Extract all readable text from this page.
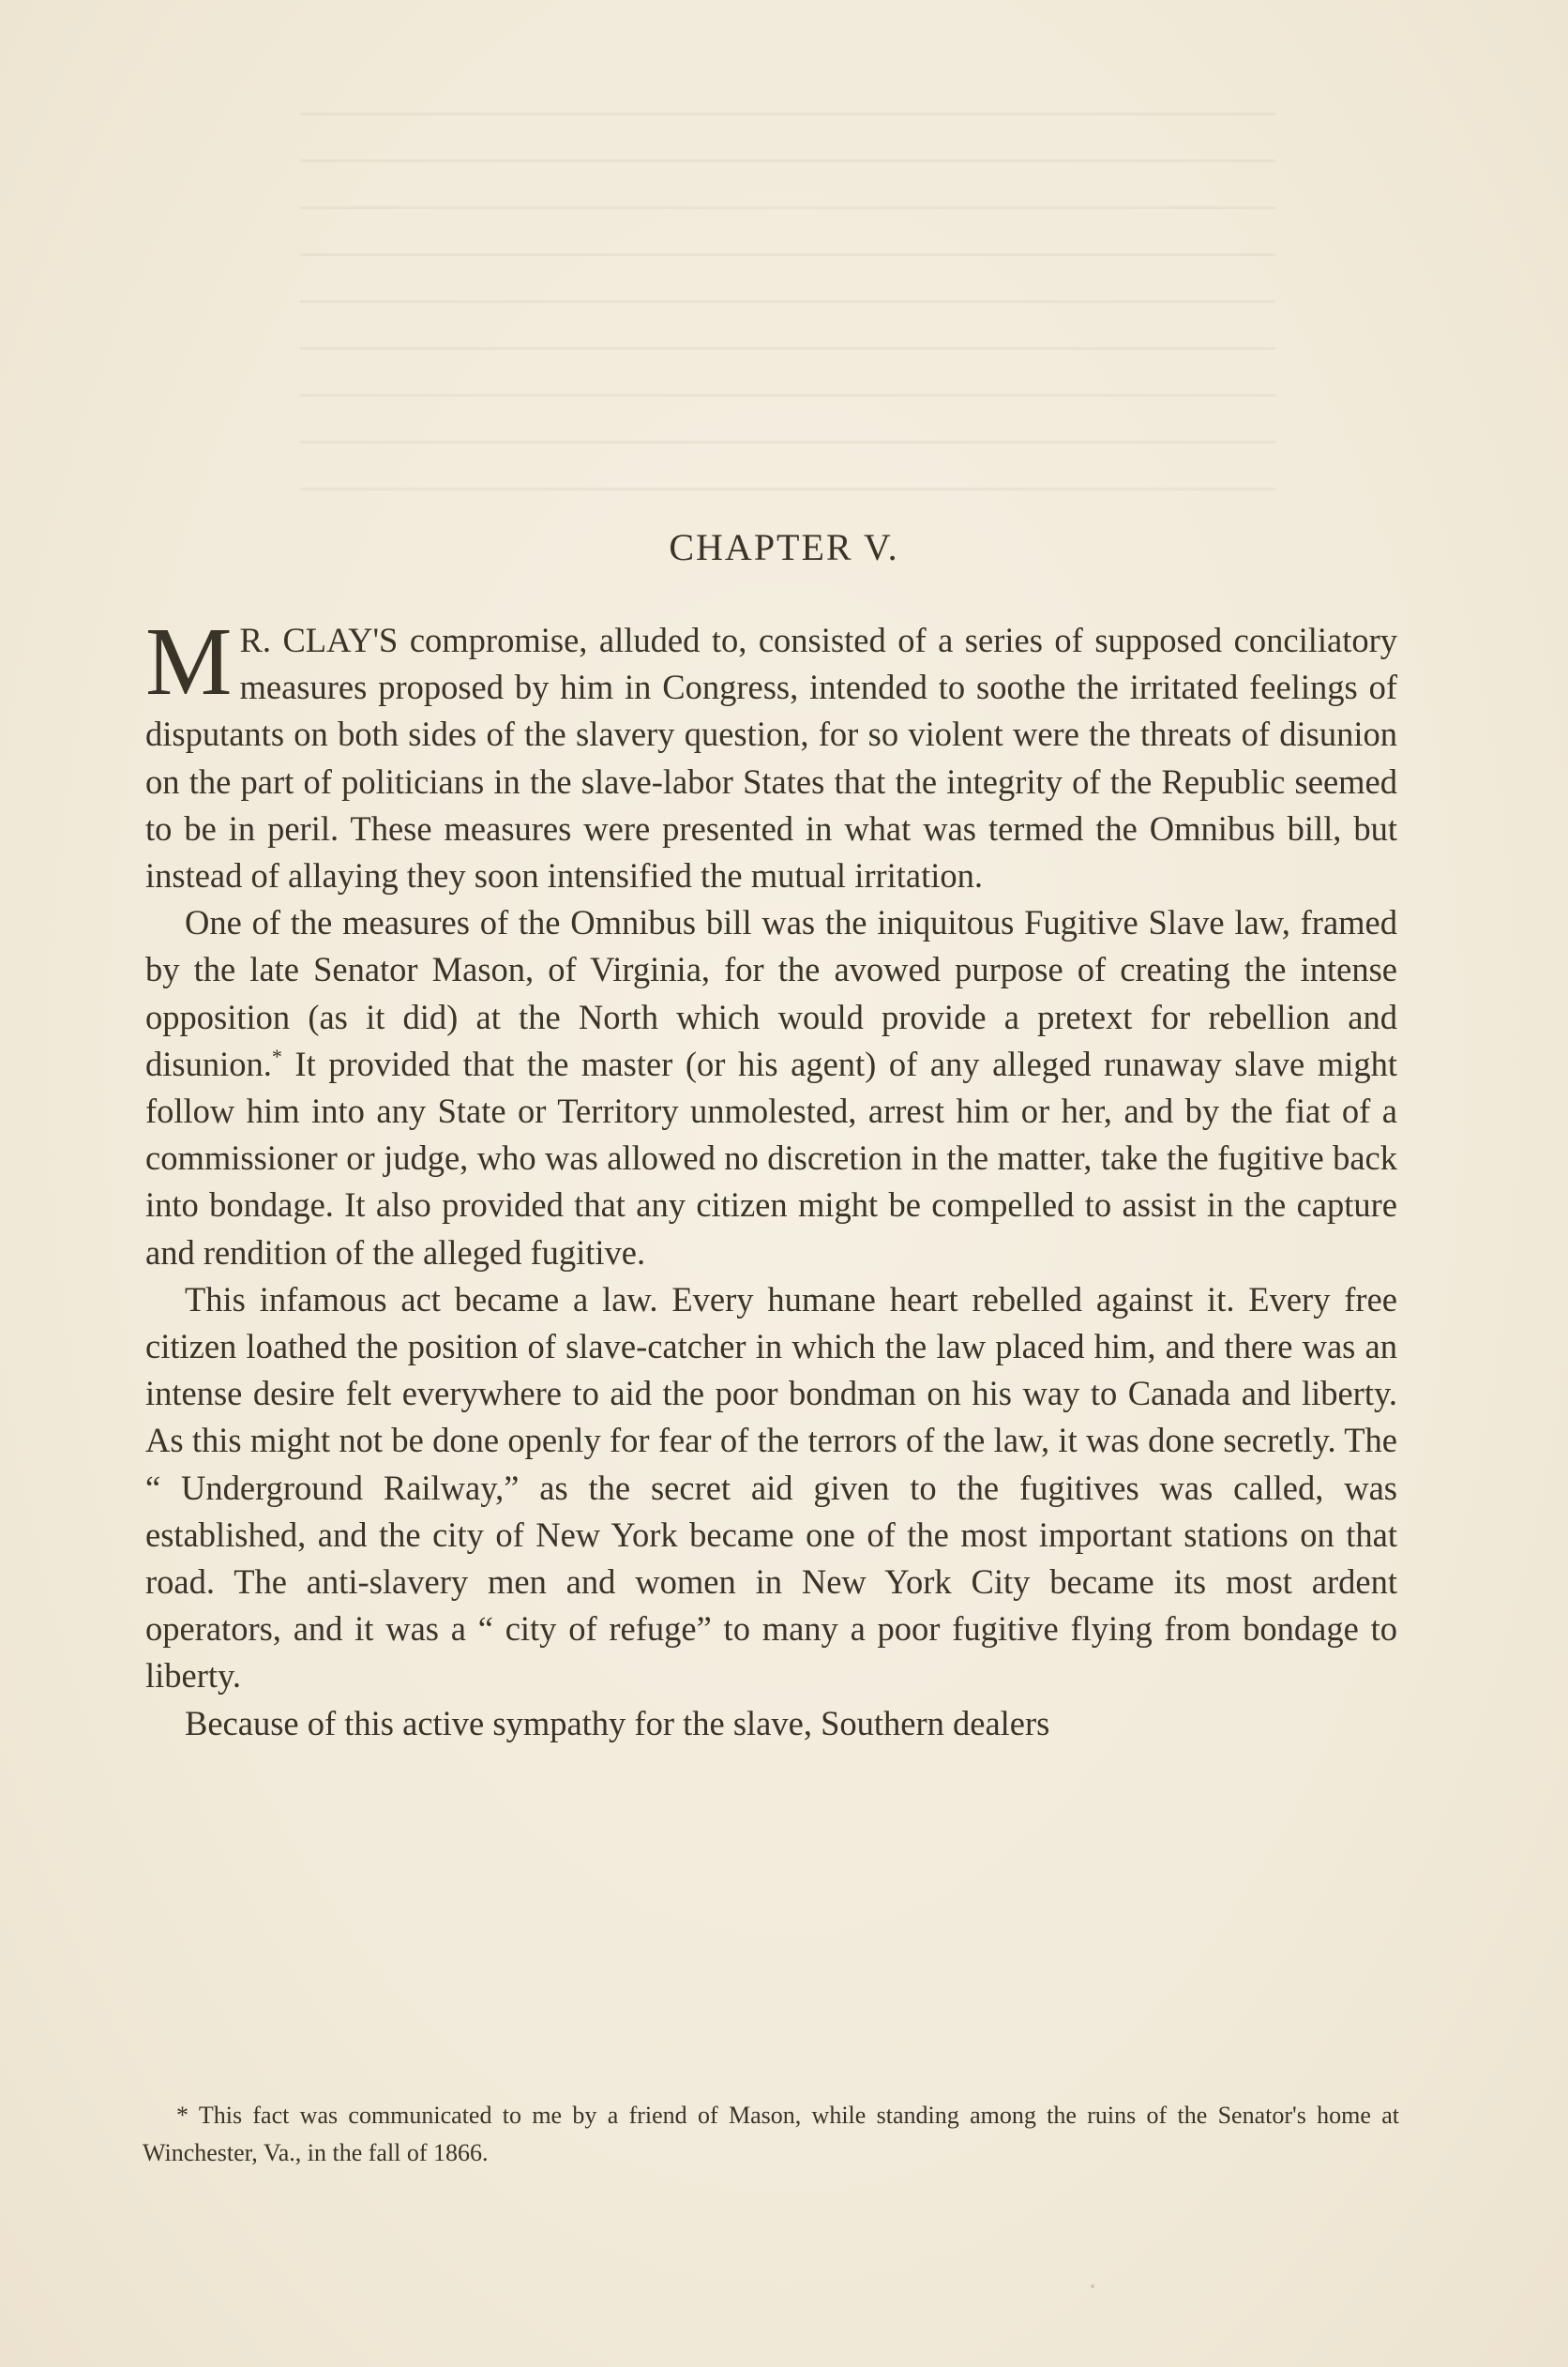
CHAPTER V.

M R. CLAY'S compromise, alluded to, consisted of a series of supposed conciliatory measures proposed by him in Congress, intended to soothe the irritated feelings of disputants on both sides of the slavery question, for so violent were the threats of disunion on the part of politicians in the slave-labor States that the integrity of the Republic seemed to be in peril. These measures were presented in what was termed the Omnibus bill, but instead of allaying they soon intensified the mutual irritation.

One of the measures of the Omnibus bill was the iniquitous Fugitive Slave law, framed by the late Senator Mason, of Virginia, for the avowed purpose of creating the intense opposition (as it did) at the North which would provide a pretext for rebellion and disunion.* It provided that the master (or his agent) of any alleged runaway slave might follow him into any State or Territory unmolested, arrest him or her, and by the fiat of a commissioner or judge, who was allowed no discretion in the matter, take the fugitive back into bondage. It also provided that any citizen might be compelled to assist in the capture and rendition of the alleged fugitive.

This infamous act became a law. Every humane heart rebelled against it. Every free citizen loathed the position of slave-catcher in which the law placed him, and there was an intense desire felt everywhere to aid the poor bondman on his way to Canada and liberty. As this might not be done openly for fear of the terrors of the law, it was done secretly. The “ Underground Railway,” as the secret aid given to the fugitives was called, was established, and the city of New York became one of the most important stations on that road. The anti-slavery men and women in New York City became its most ardent operators, and it was a “ city of refuge” to many a poor fugitive flying from bondage to liberty.

Because of this active sympathy for the slave, Southern dealers

* This fact was communicated to me by a friend of Mason, while standing among the ruins of the Senator's home at Winchester, Va., in the fall of 1866.
